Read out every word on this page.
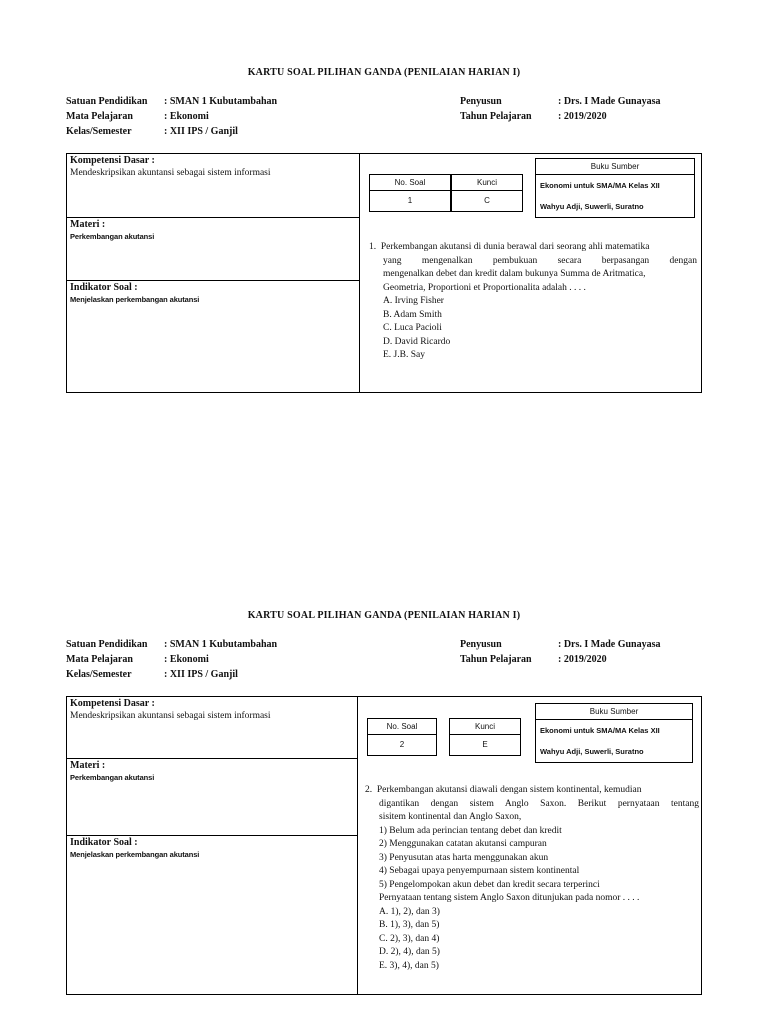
KARTU SOAL PILIHAN GANDA (PENILAIAN HARIAN I)
Satuan Pendidikan : SMAN 1 Kubutambahan
Mata Pelajaran	: Ekonomi
Kelas/Semester	: XII IPS / Ganjil
Penyusun	: Drs. I Made Gunayasa
Tahun Pelajaran	: 2019/2020
Kompetensi Dasar :
Mendeskripsikan akuntansi sebagai sistem informasi
Materi :
Perkembangan akutansi
Indikator Soal :
Menjelaskan perkembangan akutansi
No. Soal
1
Kunci
C
Buku Sumber
Ekonomi untuk SMA/MA Kelas XII
Wahyu Adji, Suwerli, Suratno
1. Perkembangan akutansi di dunia berawal dari seorang ahli matematika
yang mengenalkan pembukuan secara berpasangan dengan
mengenalkan debet dan kredit dalam bukunya Summa de Aritmatica,
Geometria, Proportioni et Proportionalita adalah . . . .
A. Irving Fisher
B. Adam Smith
C. Luca Pacioli
D. David Ricardo
E. J.B. Say
KARTU SOAL PILIHAN GANDA (PENILAIAN HARIAN I)
Satuan Pendidikan : SMAN 1 Kubutambahan
Mata Pelajaran	: Ekonomi
Kelas/Semester	: XII IPS / Ganjil
Penyusun	: Drs. I Made Gunayasa
Tahun Pelajaran	: 2019/2020
Kompetensi Dasar :
Mendeskripsikan akuntansi sebagai sistem informasi
Materi :
Perkembangan akutansi
Indikator Soal :
Menjelaskan perkembangan akutansi
No. Soal
2
Kunci
E
Buku Sumber
Ekonomi untuk SMA/MA Kelas XII
Wahyu Adji, Suwerli, Suratno
2. Perkembangan akutansi diawali dengan sistem kontinental, kemudian
digantikan dengan sistem Anglo Saxon. Berikut pernyataan tentang
sisitem kontinental dan Anglo Saxon,
1) Belum ada perincian tentang debet dan kredit
2) Menggunakan catatan akutansi campuran
3) Penyusutan atas harta menggunakan akun
4) Sebagai upaya penyempurnaan sistem kontinental
5) Pengelompokan akun debet dan kredit secara terperinci
Pernyataan tentang sistem Anglo Saxon ditunjukan pada nomor . . . .
A. 1), 2), dan 3)
B. 1), 3), dan 5)
C. 2), 3), dan 4)
D. 2), 4), dan 5)
E. 3), 4), dan 5)
